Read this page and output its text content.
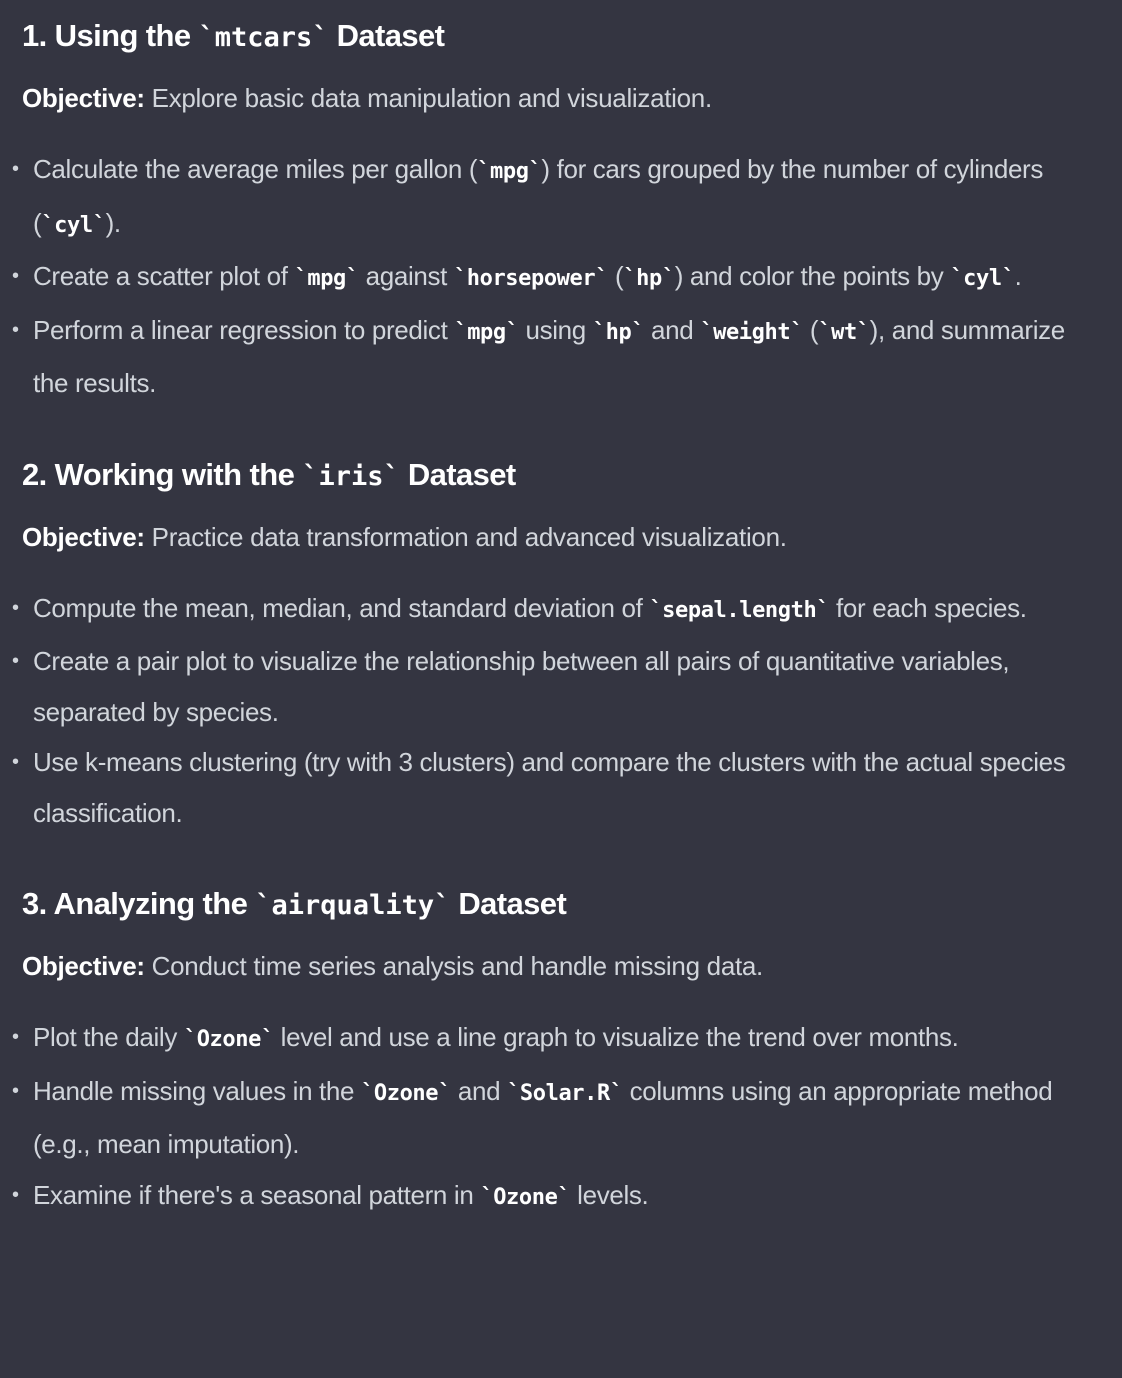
1. Using the `mtcars` Dataset

Objective: Explore basic data manipulation and visualization.

• Calculate the average miles per gallon (`mpg`) for cars grouped by the number of cylinders (`cyl`).
• Create a scatter plot of `mpg` against `horsepower` (`hp`) and color the points by `cyl`.
• Perform a linear regression to predict `mpg` using `hp` and `weight` (`wt`), and summarize the results.
2. Working with the `iris` Dataset

Objective: Practice data transformation and advanced visualization.

• Compute the mean, median, and standard deviation of `sepal.length` for each species.
• Create a pair plot to visualize the relationship between all pairs of quantitative variables, separated by species.
• Use k-means clustering (try with 3 clusters) and compare the clusters with the actual species classification.
3. Analyzing the `airquality` Dataset

Objective: Conduct time series analysis and handle missing data.

• Plot the daily `Ozone` level and use a line graph to visualize the trend over months.
• Handle missing values in the `Ozone` and `Solar.R` columns using an appropriate method (e.g., mean imputation).
• Examine if there's a seasonal pattern in `Ozone` levels.
